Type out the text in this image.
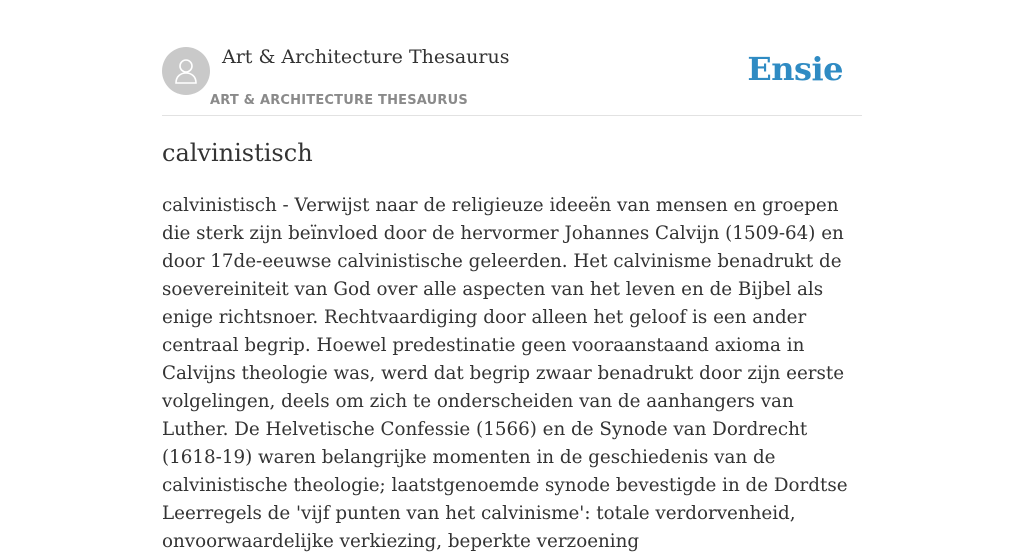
Art & Architecture Thesaurus
ART & ARCHITECTURE THESAURUS
Ensie
calvinistisch

calvinistisch - Verwijst naar de religieuze ideeën van mensen en groepen die sterk zijn beïnvloed door de hervormer Johannes Calvijn (1509-64) en door 17de-eeuwse calvinistische geleerden. Het calvinisme benadrukt de soevereiniteit van God over alle aspecten van het leven en de Bijbel als enige richtsnoer. Rechtvaardiging door alleen het geloof is een ander centraal begrip. Hoewel predestinatie geen vooraanstaand axioma in Calvijns theologie was, werd dat begrip zwaar benadrukt door zijn eerste volgelingen, deels om zich te onderscheiden van de aanhangers van Luther. De Helvetische Confessie (1566) en de Synode van Dordrecht (1618-19) waren belangrijke momenten in de geschiedenis van de calvinistische theologie; laatstgenoemde synode bevestigde in de Dordtse Leerregels de 'vijf punten van het calvinisme': totale verdorvenheid, onvoorwaardelijke verkiezing, beperkte verzoening
